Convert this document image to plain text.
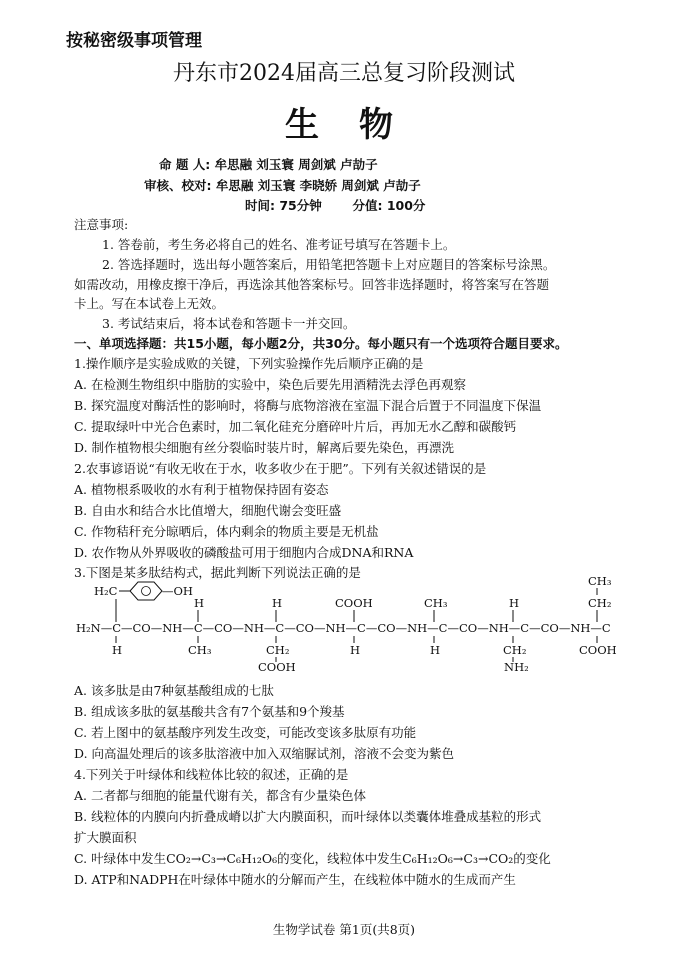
按秘密级事项管理
丹东市2024届高三总复习阶段测试
生物
命 题 人: 牟思融 刘玉寰 周剑斌 卢劼子
审核、校对: 牟思融 刘玉寰 李晓娇 周剑斌 卢劼子
时间: 75分钟 分值: 100分
注意事项:
1. 答卷前，考生务必将自己的姓名、准考证号填写在答题卡上。
2. 答选择题时，选出每小题答案后，用铅笔把答题卡上对应题目的答案标号涂黑。
如需改动，用橡皮擦干净后，再选涂其他答案标号。回答非选择题时，将答案写在答题
卡上。写在本试卷上无效。
3. 考试结束后，将本试卷和答题卡一并交回。
一、单项选择题：共15小题，每小题2分，共30分。每小题只有一个选项符合题目要求。
1.操作顺序是实验成败的关键，下列实验操作先后顺序正确的是
A. 在检测生物组织中脂肪的实验中，染色后要先用酒精洗去浮色再观察
B. 探究温度对酶活性的影响时，将酶与底物溶液在室温下混合后置于不同温度下保温
C. 提取绿叶中光合色素时，加二氧化硅充分磨碎叶片后，再加无水乙醇和碳酸钙
D. 制作植物根尖细胞有丝分裂临时装片时，解离后要先染色，再漂洗
2.农事谚语说“有收无收在于水，收多收少在于肥”。下列有关叙述错误的是
A. 植物根系吸收的水有利于植物保持固有姿态
B. 自由水和结合水比值增大，细胞代谢会变旺盛
C. 作物秸秆充分晾晒后，体内剩余的物质主要是无机盐
D. 农作物从外界吸收的磷酸盐可用于细胞内合成DNA和RNA
3.下图是某多肽结构式，据此判断下列说法正确的是
H₂N—C—CO—NH—C—CO—NH—C—CO—NH—C—CO—NH—C—CO—NH—C—CO—NH—C
H₂C	—OH
H
H
CH₃
H
CH₂
COOH
COOH
H
CH₃
H
H
CH₂
NH₂
CH₃
CH₂
COOH
A. 该多肽是由7种氨基酸组成的七肽
B. 组成该多肽的氨基酸共含有7个氨基和9个羧基
C. 若上图中的氨基酸序列发生改变，可能改变该多肽原有功能
D. 向高温处理后的该多肽溶液中加入双缩脲试剂，溶液不会变为紫色
4.下列关于叶绿体和线粒体比较的叙述，正确的是
A. 二者都与细胞的能量代谢有关，都含有少量染色体
B. 线粒体的内膜向内折叠成嵴以扩大内膜面积，而叶绿体以类囊体堆叠成基粒的形式
扩大膜面积
C. 叶绿体中发生CO₂→C₃→C₆H₁₂O₆的变化，线粒体中发生C₆H₁₂O₆→C₃→CO₂的变化
D. ATP和NADPH在叶绿体中随水的分解而产生，在线粒体中随水的生成而产生
生物学试卷 第1页(共8页)
